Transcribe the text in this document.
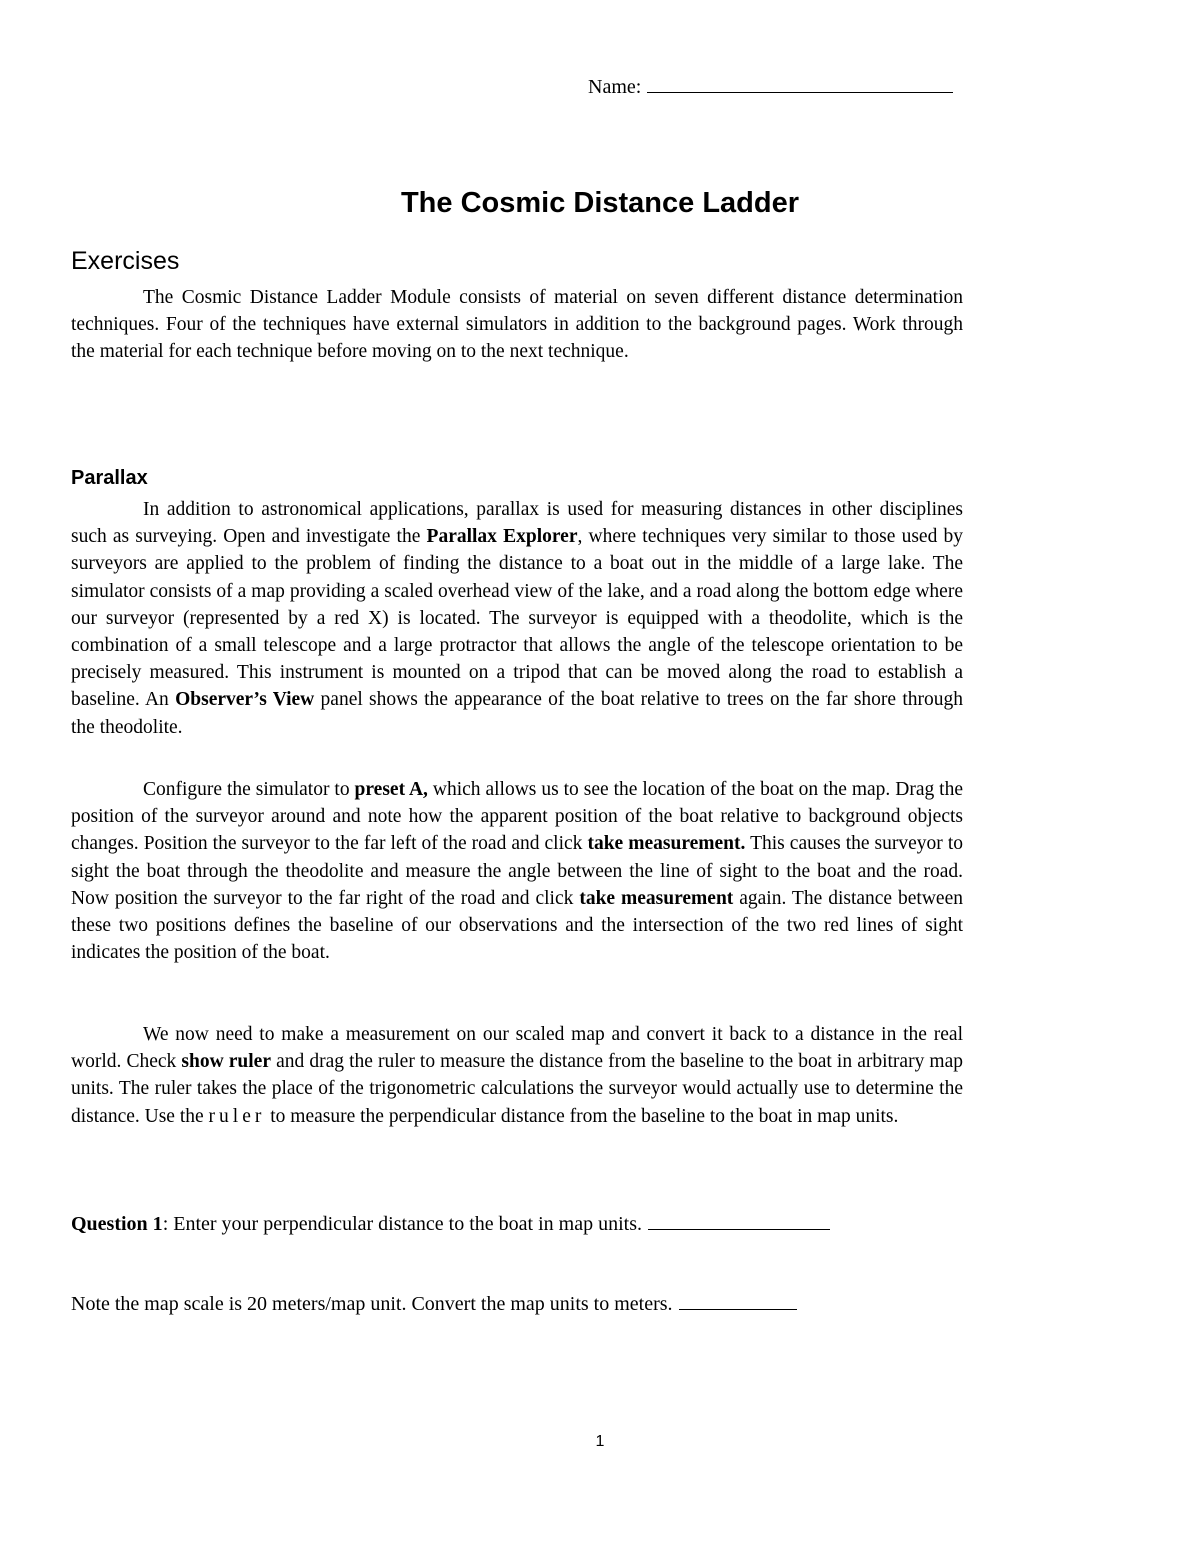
Name:
The Cosmic Distance Ladder
Exercises

The Cosmic Distance Ladder Module consists of material on seven different distance determination techniques. Four of the techniques have external simulators in addition to the background pages. Work through the material for each technique before moving on to the next technique.

Parallax

In addition to astronomical applications, parallax is used for measuring distances in other disciplines such as surveying. Open and investigate the Parallax Explorer, where techniques very similar to those used by surveyors are applied to the problem of finding the distance to a boat out in the middle of a large lake. The simulator consists of a map providing a scaled overhead view of the lake, and a road along the bottom edge where our surveyor (represented by a red X) is located. The surveyor is equipped with a theodolite, which is the combination of a small telescope and a large protractor that allows the angle of the telescope orientation to be precisely measured. This instrument is mounted on a tripod that can be moved along the road to establish a baseline. An Observer’s View panel shows the appearance of the boat relative to trees on the far shore through the theodolite.

Configure the simulator to preset A, which allows us to see the location of the boat on the map. Drag the position of the surveyor around and note how the apparent position of the boat relative to background objects changes. Position the surveyor to the far left of the road and click take measurement. This causes the surveyor to sight the boat through the theodolite and measure the angle between the line of sight to the boat and the road. Now position the surveyor to the far right of the road and click take measurement again. The distance between these two positions defines the baseline of our observations and the intersection of the two red lines of sight indicates the position of the boat.

We now need to make a measurement on our scaled map and convert it back to a distance in the real world. Check show ruler and drag the ruler to measure the distance from the baseline to the boat in arbitrary map units. The ruler takes the place of the trigonometric calculations the surveyor would actually use to determine the distance. Use the ruler to measure the perpendicular distance from the baseline to the boat in map units.

Question 1: Enter your perpendicular distance to the boat in map units.

Note the map scale is 20 meters/map unit. Convert the map units to meters.

1
